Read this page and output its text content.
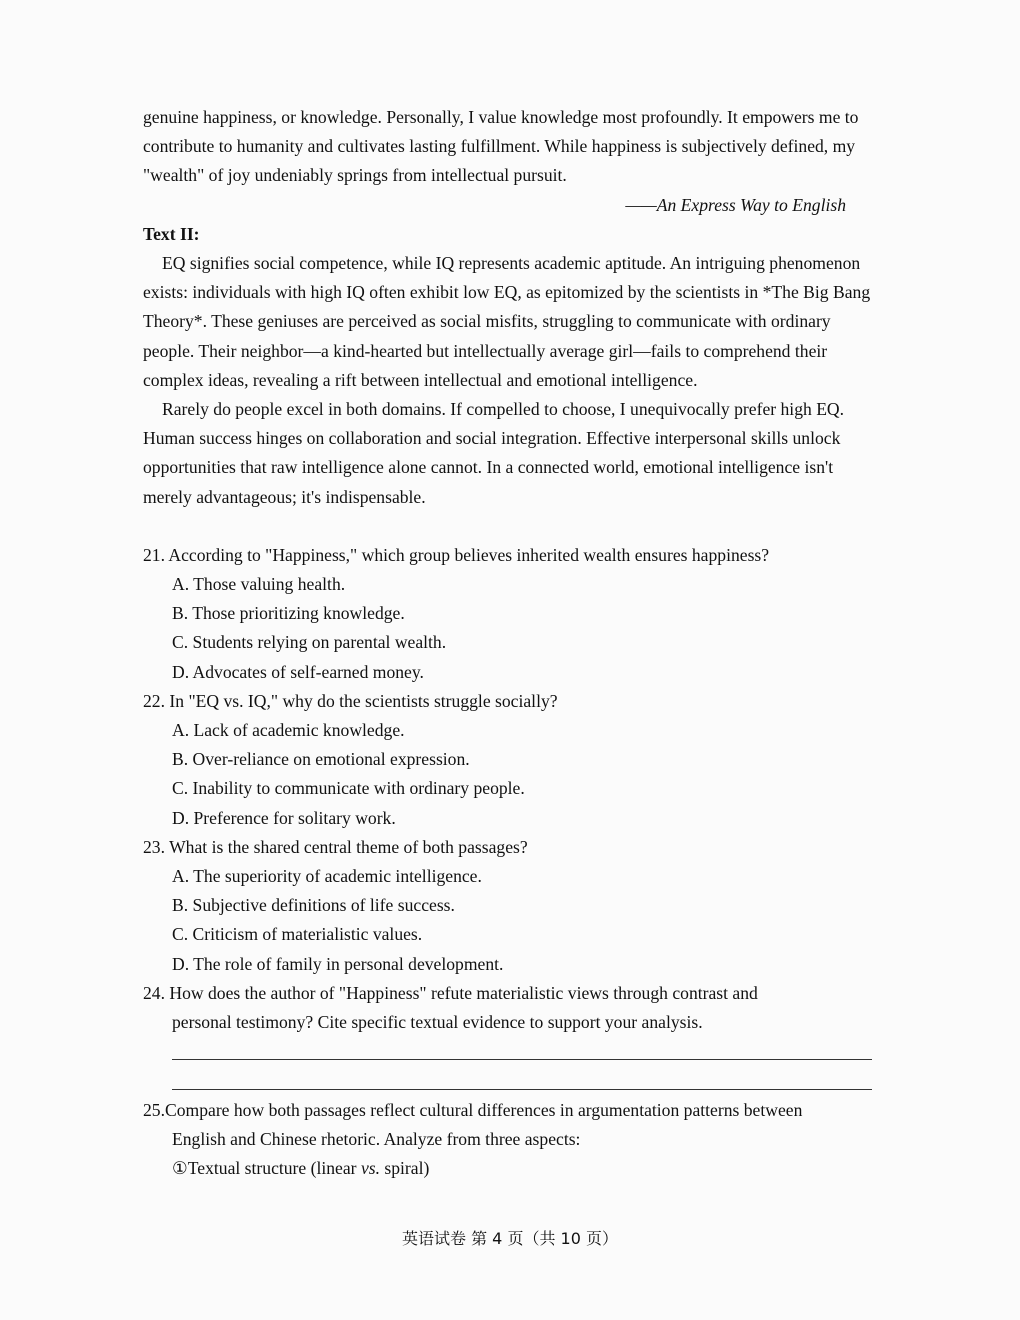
genuine happiness, or knowledge. Personally, I value knowledge most profoundly. It empowers me to contribute to humanity and cultivates lasting fulfillment. While happiness is subjectively defined, my "wealth" of joy undeniably springs from intellectual pursuit.

——An Express Way to English

Text II:

EQ signifies social competence, while IQ represents academic aptitude. An intriguing phenomenon exists: individuals with high IQ often exhibit low EQ, as epitomized by the scientists in *The Big Bang Theory*. These geniuses are perceived as social misfits, struggling to communicate with ordinary people. Their neighbor—a kind-hearted but intellectually average girl—fails to comprehend their complex ideas, revealing a rift between intellectual and emotional intelligence.

Rarely do people excel in both domains. If compelled to choose, I unequivocally prefer high EQ. Human success hinges on collaboration and social integration. Effective interpersonal skills unlock opportunities that raw intelligence alone cannot. In a connected world, emotional intelligence isn't merely advantageous; it's indispensable.

21. According to "Happiness," which group believes inherited wealth ensures happiness?

A. Those valuing health.

B. Those prioritizing knowledge.

C. Students relying on parental wealth.

D. Advocates of self-earned money.

22. In "EQ vs. IQ," why do the scientists struggle socially?

A. Lack of academic knowledge.

B. Over-reliance on emotional expression.

C. Inability to communicate with ordinary people.

D. Preference for solitary work.

23. What is the shared central theme of both passages?

A. The superiority of academic intelligence.

B. Subjective definitions of life success.

C. Criticism of materialistic values.

D. The role of family in personal development.

24. How does the author of "Happiness" refute materialistic views through contrast and

personal testimony? Cite specific textual evidence to support your analysis.

25.Compare how both passages reflect cultural differences in argumentation patterns between

English and Chinese rhetoric. Analyze from three aspects:

①Textual structure (linear vs. spiral)

英语试卷 第 4 页（共 10 页）
